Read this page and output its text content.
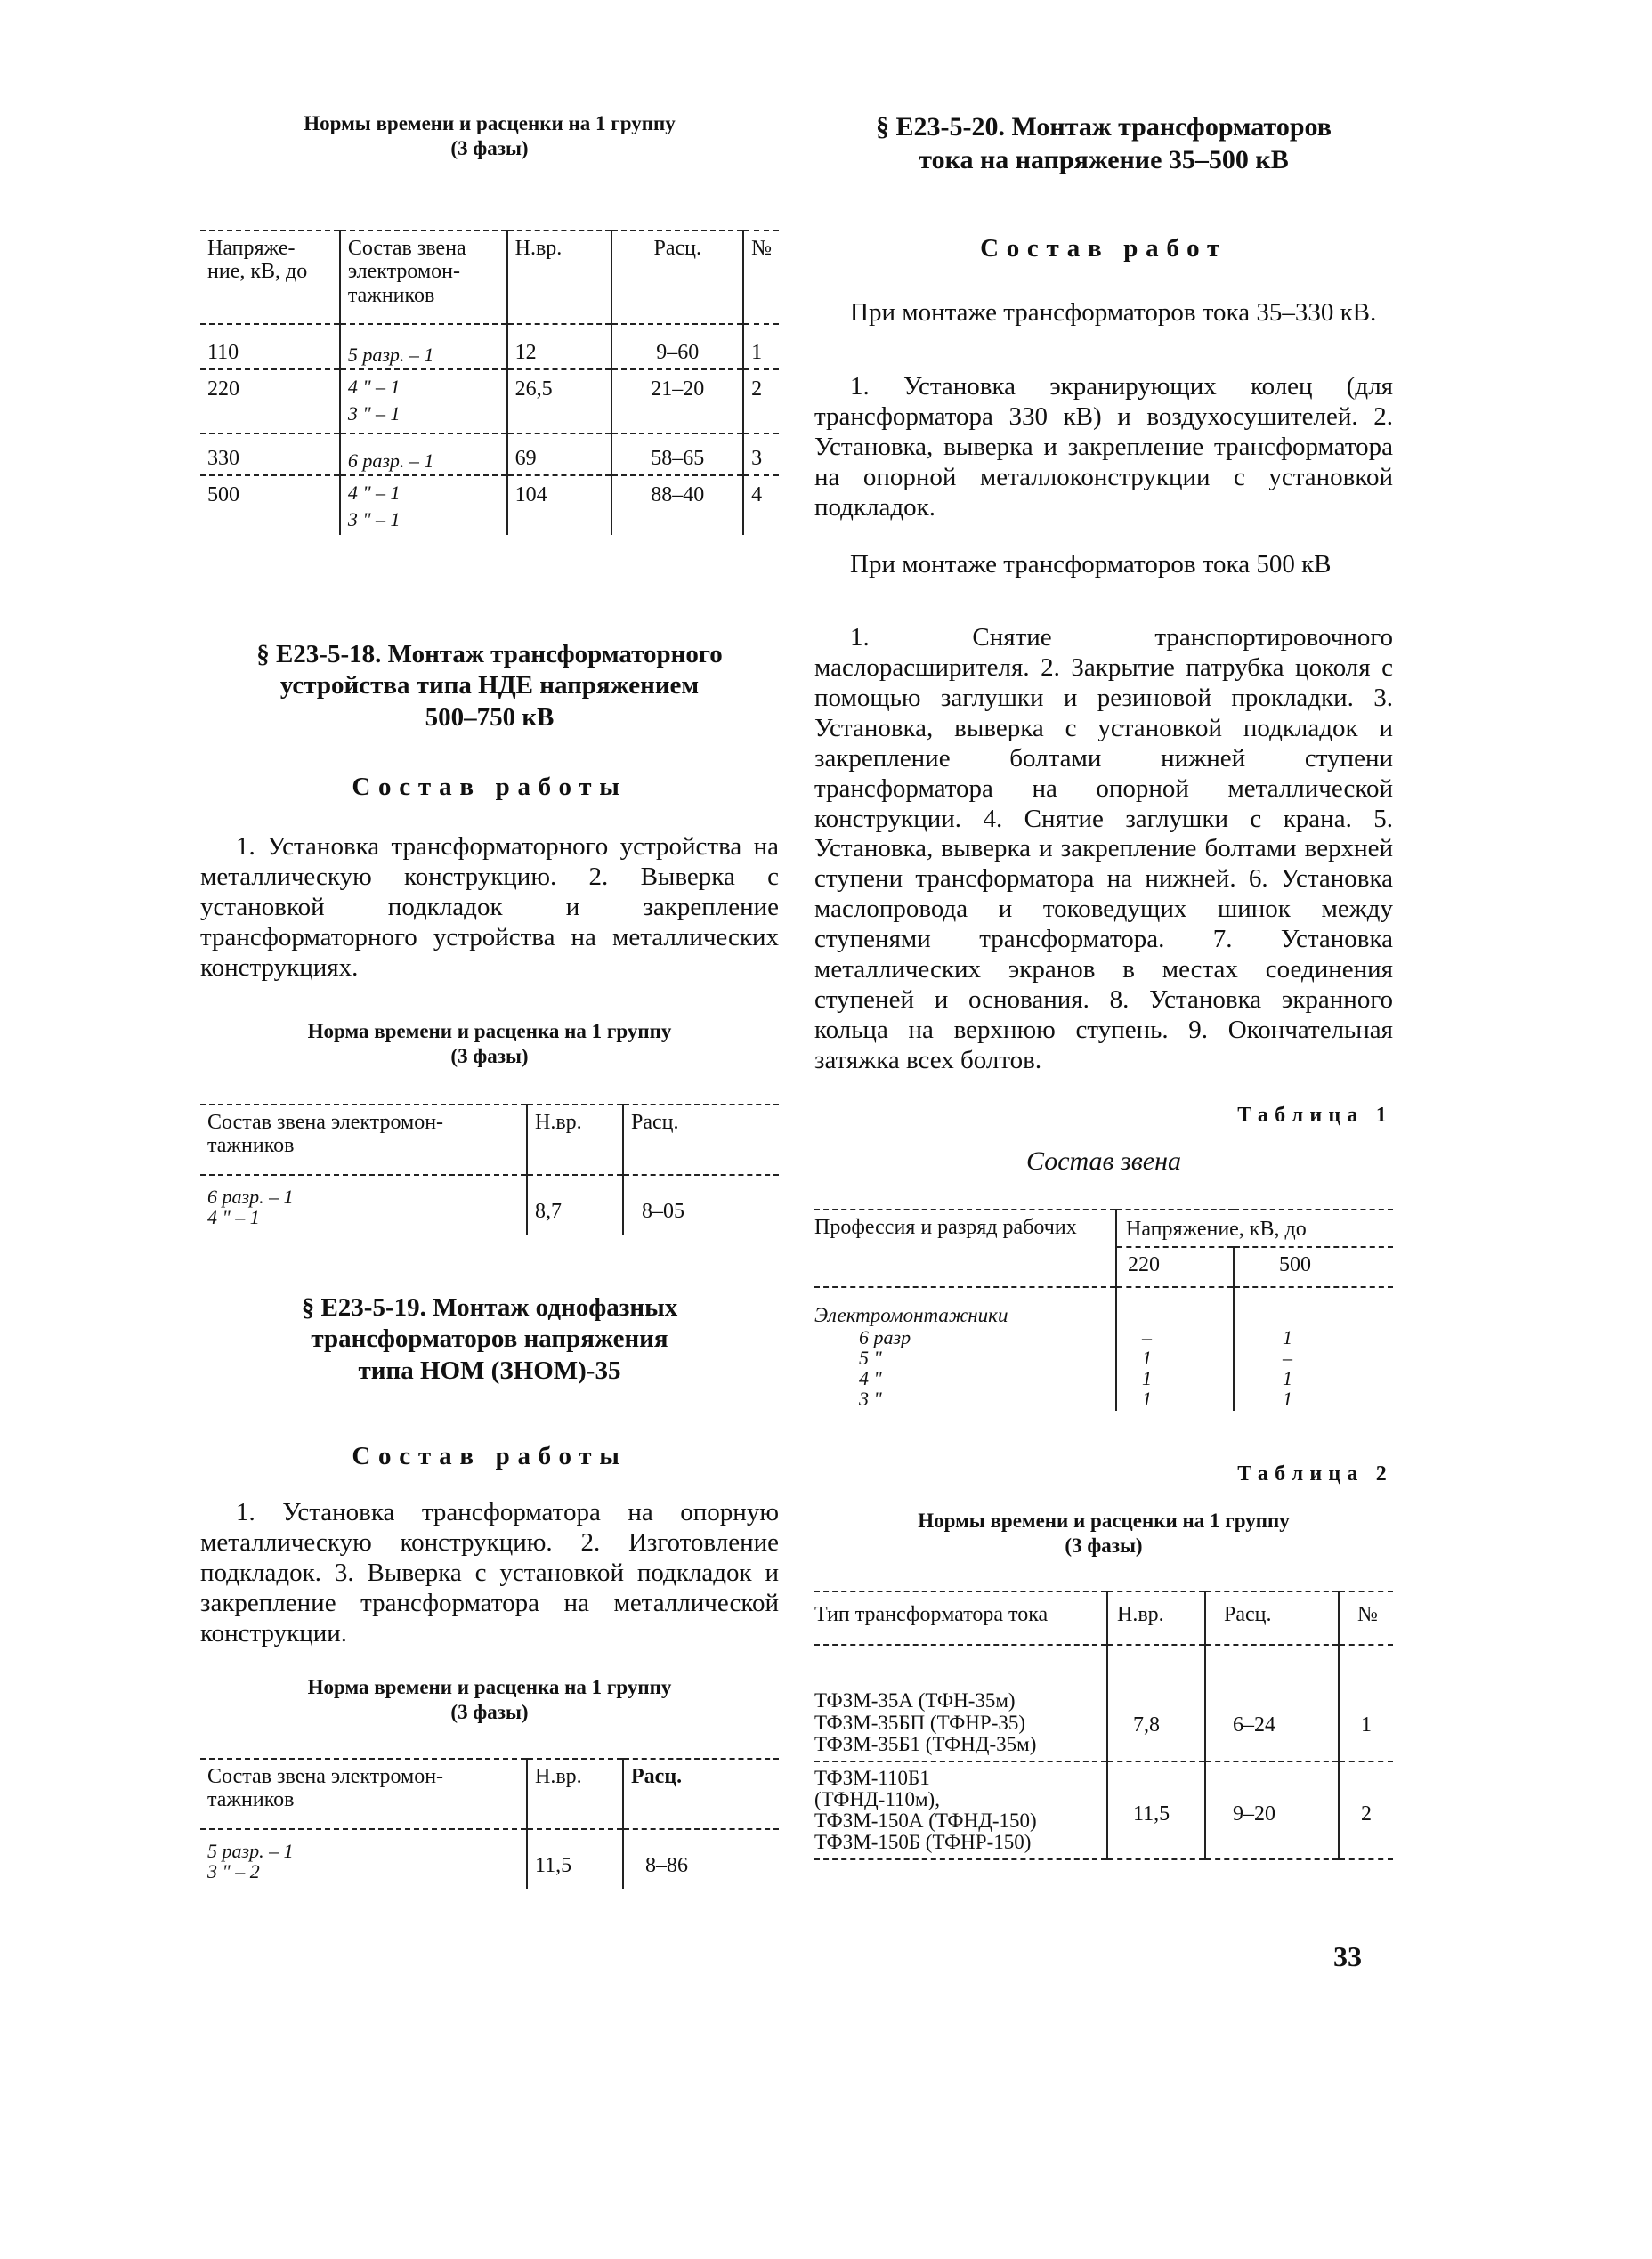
Нормы времени и расценки на 1 группу
(3 фазы)
Напряже-ние, кВ, до	Состав звена электромон-тажников	Н.вр.	Расц.	№
110	5 разр. – 1	12	9–60	1
220	4 " – 1	26,5	21–20	2
	3 " – 1			
330	6 разр. – 1	69	58–65	3
500	4 " – 1	104	88–40	4
	3 " – 1			
§ Е23-5-18. Монтаж трансформаторного
устройства типа НДЕ напряжением
500–750 кВ
Состав работы

1. Установка трансформаторного устройства на металлическую конструкцию. 2. Выверка с установкой подкладок и закрепление трансформаторного устройства на металлических конструкциях.

Норма времени и расценка на 1 группу
(3 фазы)
Состав звена электромон-тажников	Н.вр.	Расц.

6 разр. – 1
4 " – 1	8,7	8–05
§ Е23-5-19. Монтаж однофазных
трансформаторов напряжения
типа НОМ (ЗНОМ)-35
Состав работы

1. Установка трансформатора на опорную металлическую конструкцию. 2. Изготовление подкладок. 3. Выверка с установкой подкладок и закрепление трансформатора на металлической конструкции.

Норма времени и расценка на 1 группу
(3 фазы)
Состав звена электромон-тажников	Н.вр.	Расц.

5 разр. – 1
3 " – 2	11,5	8–86
§ Е23-5-20. Монтаж трансформаторов
тока на напряжение 35–500 кВ
Состав работ

При монтаже трансформаторов тока 35–330 кВ.

1. Установка экранирующих колец (для трансформатора 330 кВ) и воздухосушителей. 2. Установка, выверка и закрепление трансформатора на опорной металлоконструкции с установкой подкладок.

При монтаже трансформаторов тока 500 кВ

1. Снятие транспортировочного маслорасширителя. 2. Закрытие патрубка цоколя с помощью заглушки и резиновой прокладки. 3. Установка, выверка с установкой подкладок и закрепление болтами нижней ступени трансформатора на опорной металлической конструкции. 4. Снятие заглушки с крана. 5. Установка, выверка и закрепление болтами верхней ступени трансформатора на нижней. 6. Установка маслопровода и токоведущих шинок между ступенями трансформатора. 7. Установка металлических экранов в местах соединения ступеней и основания. 8. Установка экранного кольца на верхнюю ступень. 9. Окончательная затяжка всех болтов.

Таблица 1
Состав звена
Профессия и разряд рабочих	Напряжение, кВ, до	
	220	500
Электромонтажники		
6 разр	–	1
5 "	1	–
4 "	1	1
3 "	1	1
Таблица 2
Нормы времени и расценки на 1 группу
(3 фазы)
Тип трансформатора тока	Н.вр.	Расц.	№

ТФЗМ-35А (ТФН-35м)
ТФЗМ-35БП (ТФНР-35)
ТФЗМ-35Б1 (ТФНД-35м)	7,8	6–24	1

ТФЗМ-110Б1
(ТФНД-110м),
ТФЗМ-150А (ТФНД-150)
ТФЗМ-150Б (ТФНР-150)	11,5	9–20	2
33
